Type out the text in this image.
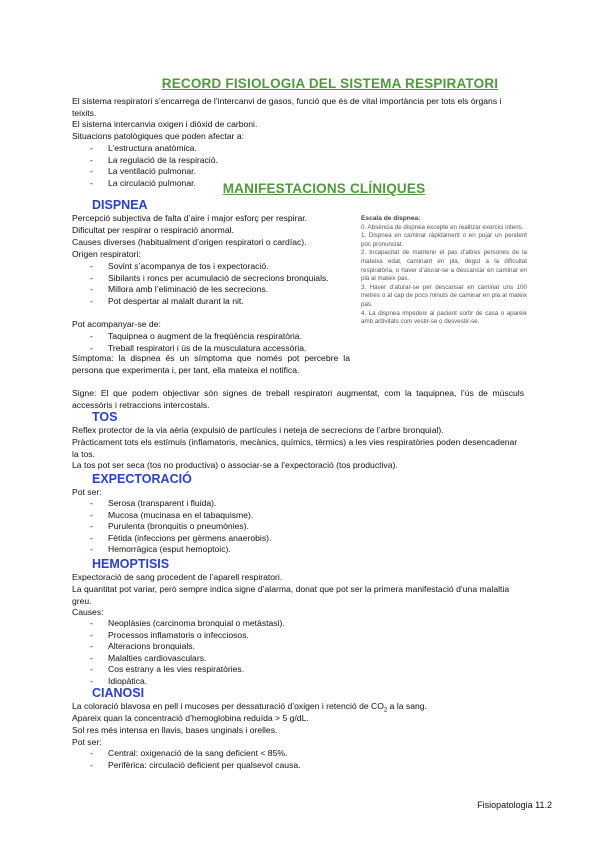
RECORD FISIOLOGIA DEL SISTEMA RESPIRATORI

El sistema respiratori s’encarrega de l’intercanvi de gasos, funció que és de vital importància per tots els òrgans i teixits.

El sistema intercanvia oxigen i diòxid de carboni.

Situacions patològiques que poden afectar a:

- L’estructura anatòmica.
- La regulació de la respiració.
- La ventilació pulmonar.
- La circulació pulmonar.	MANIFESTACIONS CLÍNIQUES
DISPNEA

Percepció subjectiva de falta d’aire i major esforç per respirar.

Dificultat per respirar o respiració anormal.

Causes diverses (habitualment d’origen respiratori o cardíac).

Origen respiratori:

- Sovint s’acompanya de tos i expectoració.
- Sibilants i roncs per acumulació de secrecions bronquials.
- Millora amb l’eliminació de les secrecions.
- Pot despertar al malalt durant la nit.

Pot acompanyar-se de:

- Taquipnea o augment de la freqüència respiratòria.
- Treball respiratori i ús de la musculatura accessòria.

Símptoma: la dispnea és un símptoma que només pot percebre la persona que experimenta i, per tant, ella mateixa el notifica.

Signe: El que podem objectivar són signes de treball respiratori augmentat, com la taquipnea, l’ús de músculs accessòris i retraccions intercostals.

Escala de dispnea:
0. Absència de dispnea excepte en realitzar exercici intens.
1. Dispnea en caminar ràpidament o en pujar un pendent poc pronunciat.
2. Incapacitat de mantenir el pas d’altres persones de la mateixa edat, caminant en pla, degut a la dificultat respiratòria, o haver d’aturar-se a descansar en caminar en pla al mateix pas.
3. Haver d’aturar-se per descansar en caminar uns 100 metres o al cap de pocs minuts de caminar en pla al mateix pas.
4. La dispnea impedeix al pacient sortir de casa o apareix amb activitats com vestir-se o desvestir-se.
TOS

Reflex protector de la via aèria (expulsió de partícules i neteja de secrecions de l’arbre bronquial).

Pràcticament tots els estímuls (inflamatoris, mecànics, químics, tèrmics) a les vies respiratòries poden desencadenar la tos.

La tos pot ser seca (tos no productiva) o associar-se a l’expectoració (tos productiva).

EXPECTORACIÓ

Pot ser:

- Serosa (transparent i fluida).
- Mucosa (mucinasa en el tabaquisme).
- Purulenta (bronquitis o pneumònies).
- Fètida (infeccions per gèrmens anaerobis).
- Hemorràgica (esput hemoptoic).
HEMOPTISIS

Expectoració de sang procedent de l’aparell respiratori.

La quantitat pot variar, però sempre indica signe d’alarma, donat que pot ser la primera manifestació d’una malaltia greu.

Causes:

- Neoplàsies (carcinoma bronquial o metàstasi).
- Processos inflamatoris o infecciosos.
- Alteracions bronquials.
- Malalties cardiovasculars.
- Cos estrany a les vies respiratòries.
- Idiopàtica.
CIANOSI

La coloració blavosa en pell i mucoses per dessaturació d’oxigen i retenció de $CO_2$ a la sang.

Apareix quan la concentració d’hemoglobina reduïda > 5 g/dL.

Sol res més intensa en llavis, bases unginals i orelles.

Pot ser:

- Central: oxigenació de la sang deficient < 85%.
- Perifèrica: circulació deficient per qualsevol causa.
Fisiopatologia 11.2
